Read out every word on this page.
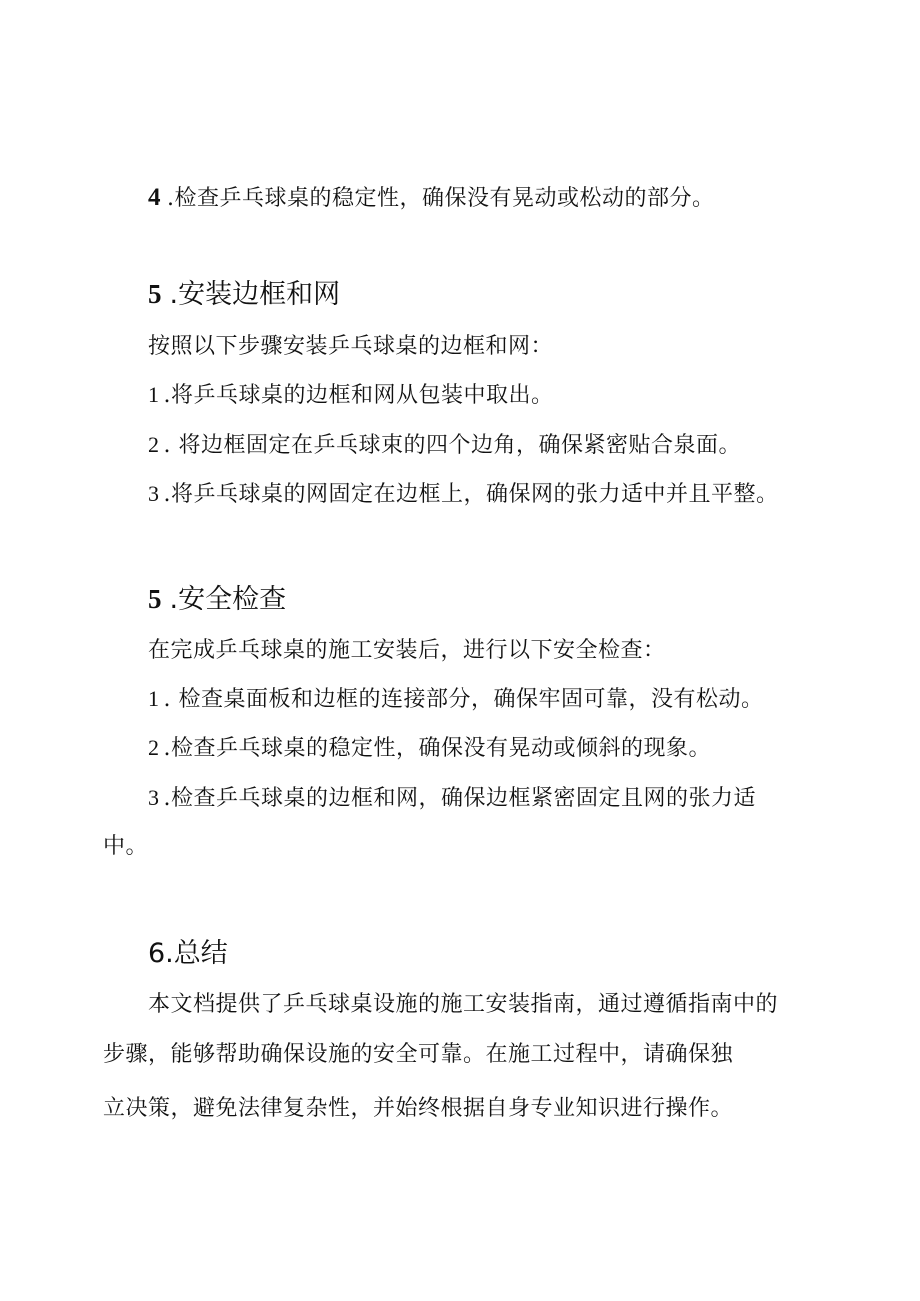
4 .检查乒乓球桌的稳定性，确保没有晃动或松动的部分。
5 .安装边框和网
按照以下步骤安装乒乓球桌的边框和网：
1 .将乒乓球桌的边框和网从包装中取出。
2 . 将边框固定在乒乓球束的四个边角，确保紧密贴合泉面。
3 .将乒乓球桌的网固定在边框上，确保网的张力适中并且平整。
5 .安全检查
在完成乒乓球桌的施工安装后，进行以下安全检查：
1 . 检查桌面板和边框的连接部分，确保牢固可靠，没有松动。
2 .检查乒乓球桌的稳定性，确保没有晃动或倾斜的现象。
3 .检查乒乓球桌的边框和网，确保边框紧密固定且网的张力适
中。
6.总结
本文档提供了乒乓球桌设施的施工安装指南，通过遵循指南中的
步骤，能够帮助确保设施的安全可靠。在施工过程中，请确保独
立决策，避免法律复杂性，并始终根据自身专业知识进行操作。
